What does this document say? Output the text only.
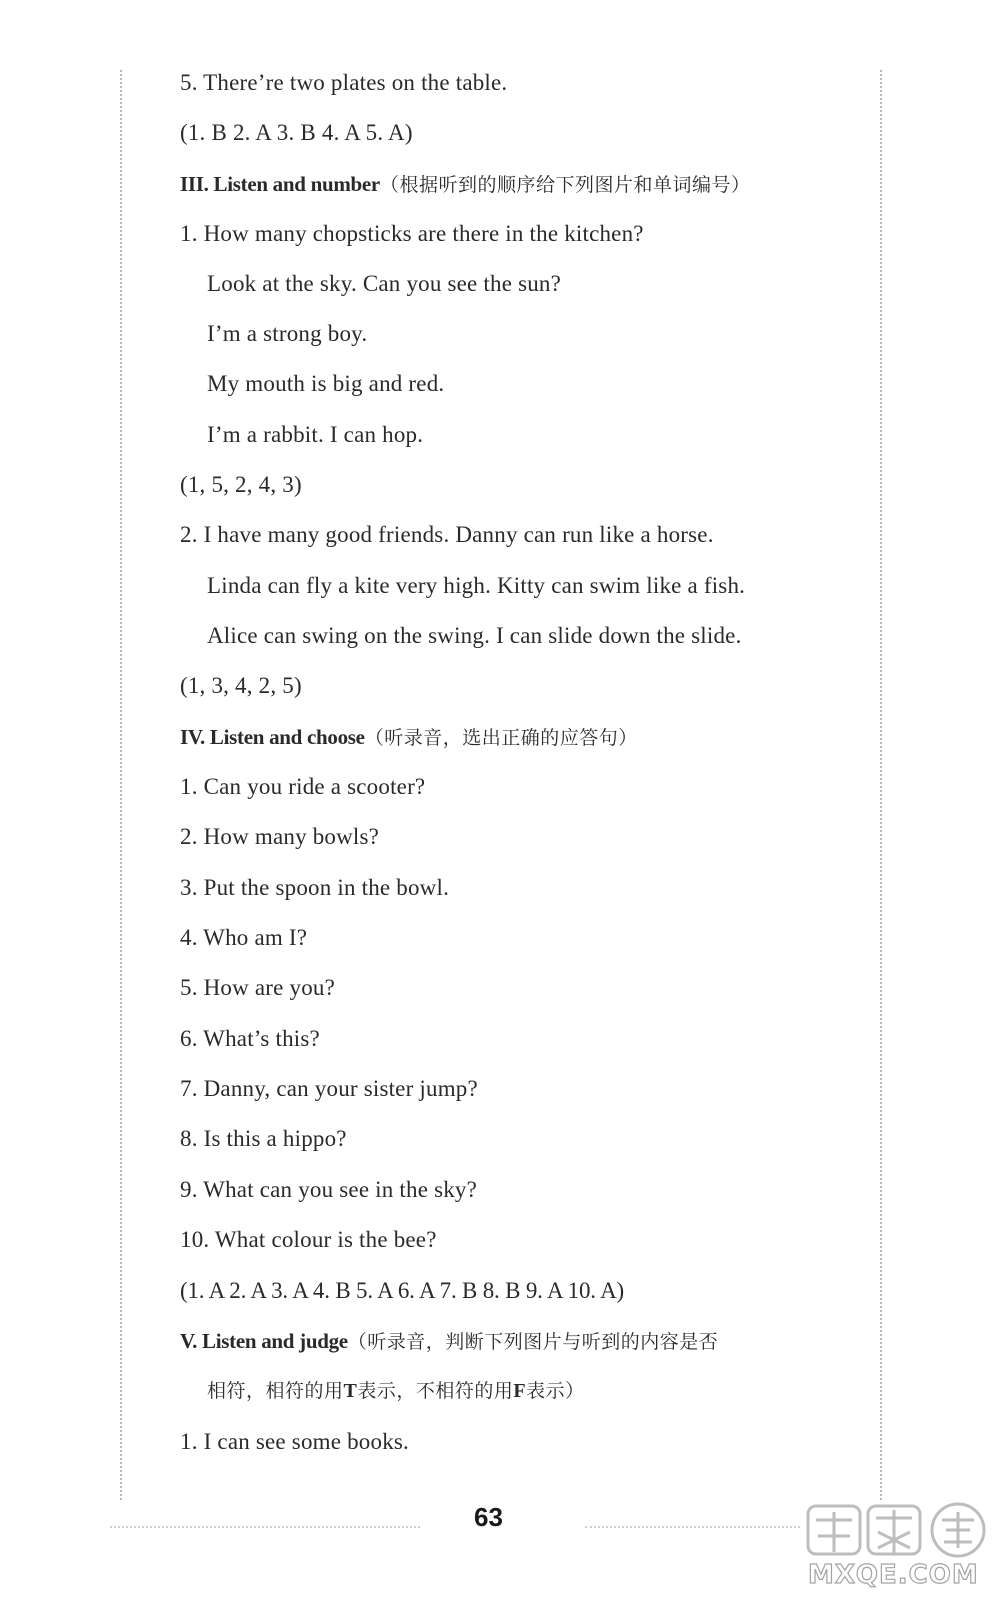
5. There’re two plates on the table.
(1. B 2. A 3. B 4. A 5. A)
III. Listen and number（根据听到的顺序给下列图片和单词编号）
1. How many chopsticks are there in the kitchen?
Look at the sky. Can you see the sun?
I’m a strong boy.
My mouth is big and red.
I’m a rabbit. I can hop.
(1, 5, 2, 4, 3)
2. I have many good friends. Danny can run like a horse.
Linda can fly a kite very high. Kitty can swim like a fish.
Alice can swing on the swing. I can slide down the slide.
(1, 3, 4, 2, 5)
IV. Listen and choose（听录音，选出正确的应答句）
1. Can you ride a scooter?
2. How many bowls?
3. Put the spoon in the bowl.
4. Who am I?
5. How are you?
6. What’s this?
7. Danny, can your sister jump?
8. Is this a hippo?
9. What can you see in the sky?
10. What colour is the bee?
(1. A 2. A 3. A 4. B 5. A 6. A 7. B 8. B 9. A 10. A)
V. Listen and judge（听录音，判断下列图片与听到的内容是否
相符，相符的用T表示，不相符的用F表示）
1. I can see some books.
63
MXQE.COM
